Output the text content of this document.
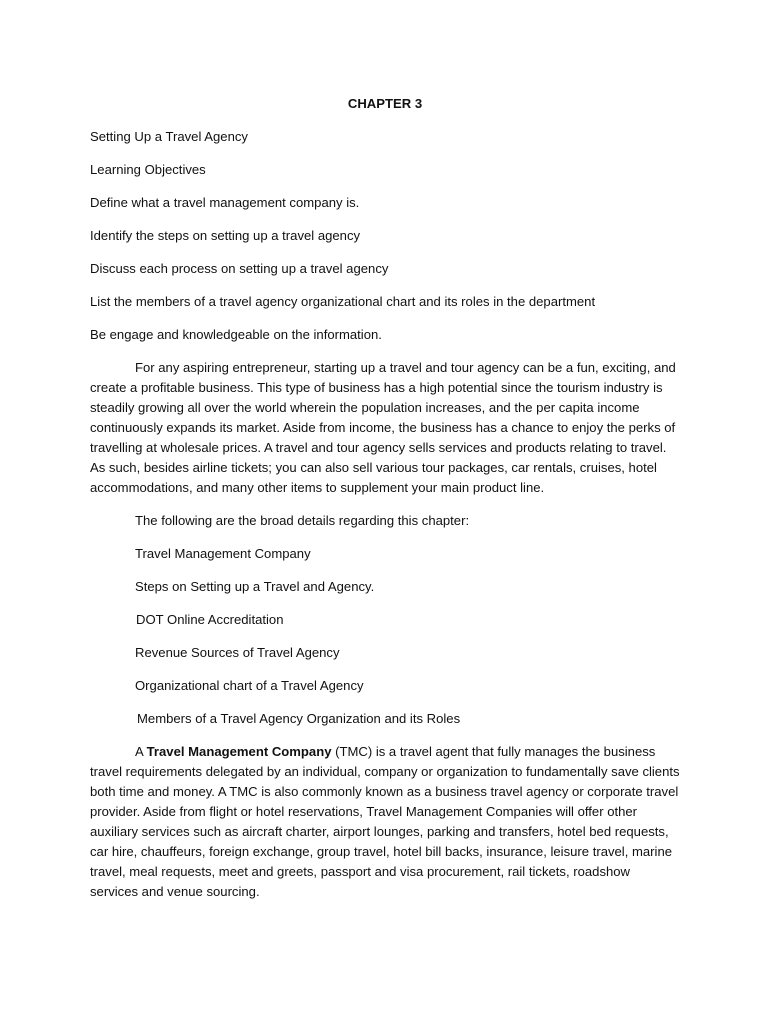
CHAPTER 3
Setting Up a Travel Agency
Learning Objectives
Define what a travel management company is.
Identify the steps on setting up a travel agency
Discuss each process on setting up a travel agency
List the members of a travel agency organizational chart and its roles in the department
Be engage and knowledgeable on the information.

For any aspiring entrepreneur, starting up a travel and tour agency can be a fun, exciting, and create a profitable business. This type of business has a high potential since the tourism industry is steadily growing all over the world wherein the population increases, and the per capita income continuously expands its market. Aside from income, the business has a chance to enjoy the perks of travelling at wholesale prices. A travel and tour agency sells services and products relating to travel. As such, besides airline tickets; you can also sell various tour packages, car rentals, cruises, hotel accommodations, and many other items to supplement your main product line.

The following are the broad details regarding this chapter:
Travel Management Company
Steps on Setting up a Travel and Agency.
DOT Online Accreditation
Revenue Sources of Travel Agency
Organizational chart of a Travel Agency
Members of a Travel Agency Organization and its Roles

A Travel Management Company (TMC) is a travel agent that fully manages the business travel requirements delegated by an individual, company or organization to fundamentally save clients both time and money. A TMC is also commonly known as a business travel agency or corporate travel provider. Aside from flight or hotel reservations, Travel Management Companies will offer other auxiliary services such as aircraft charter, airport lounges, parking and transfers, hotel bed requests, car hire, chauffeurs, foreign exchange, group travel, hotel bill backs, insurance, leisure travel, marine travel, meal requests, meet and greets, passport and visa procurement, rail tickets, roadshow services and venue sourcing.
